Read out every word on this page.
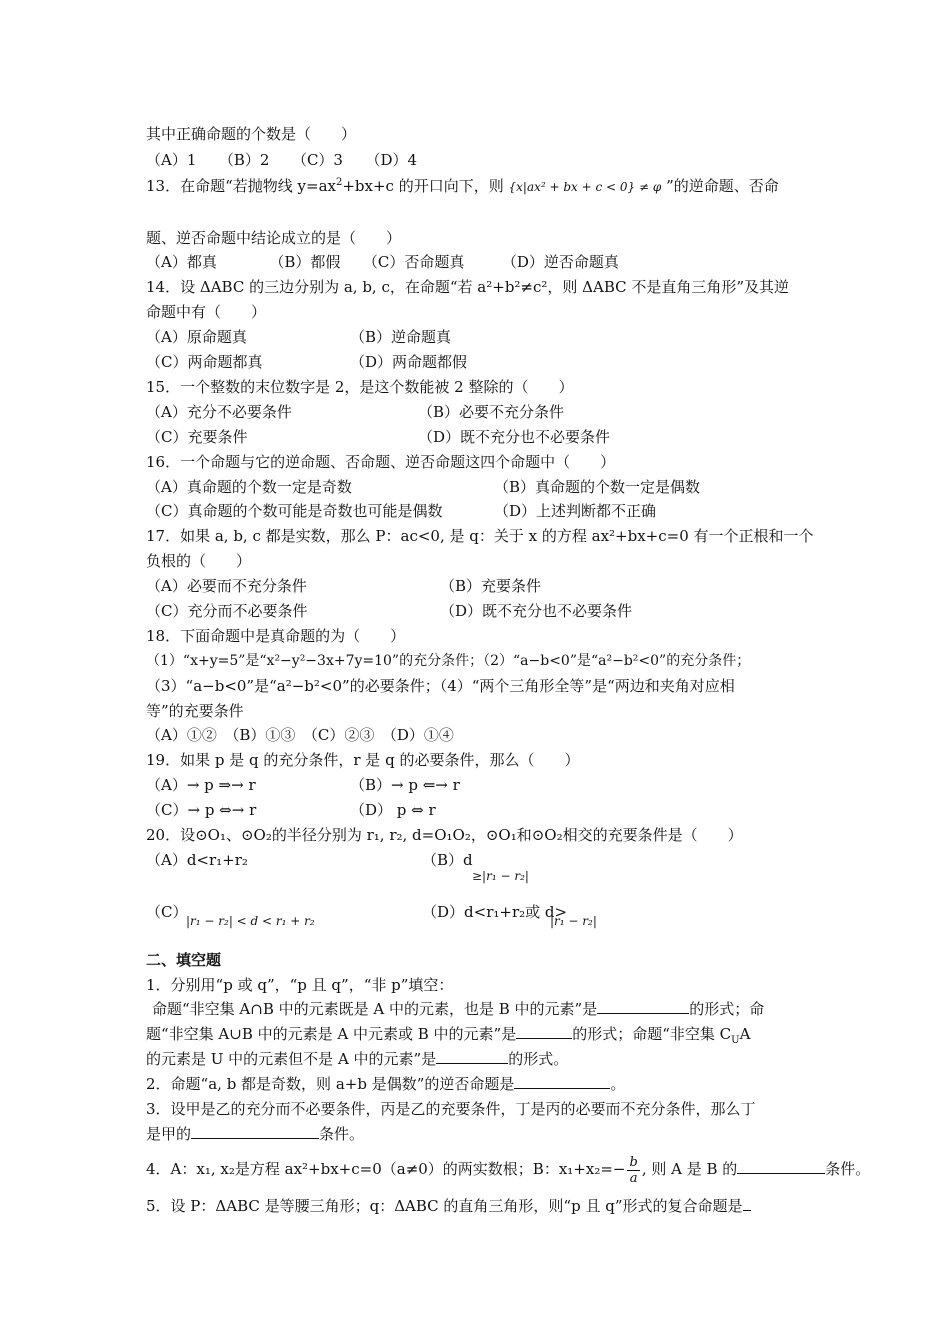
其中正确命题的个数是（　　）
（A）1　　（B）2　　（C）3　　（D）4
13．在命题“若抛物线 $y=ax^2+bx+c$ 的开口向下，则 {x|ax² + bx + c < 0} ≠ φ ”的逆命题、否命
题、逆否命题中结论成立的是（　　）
（A）都真　　　　（B）都假　　（C）否命题真　　　（D）逆否命题真
14．设 ΔABC 的三边分别为 a, b, c，在命题“若 a²+b²≠c²，则 ΔABC 不是直角三角形”及其逆
命题中有（　　）
（A）原命题真	（B）逆命题真
（C）两命题都真	（D）两命题都假
15．一个整数的末位数字是 2，是这个数能被 2 整除的（　　）
（A）充分不必要条件	（B）必要不充分条件
（C）充要条件	（D）既不充分也不必要条件
16．一个命题与它的逆命题、否命题、逆否命题这四个命题中（　　）
（A）真命题的个数一定是奇数	（B）真命题的个数一定是偶数
（C）真命题的个数可能是奇数也可能是偶数	（D）上述判断都不正确
17．如果 a, b, c 都是实数，那么 P：ac<0, 是 q：关于 x 的方程 ax²+bx+c=0 有一个正根和一个
负根的（　　）
（A）必要而不充分条件	（B）充要条件
（C）充分而不必要条件	（D）既不充分也不必要条件
18．下面命题中是真命题的为（　　）
（1）“x+y=5”是“x²−y²−3x+7y=10”的充分条件；（2）“a−b<0”是“a²−b²<0”的充分条件；
（3）“a−b<0”是“a²−b²<0”的必要条件；（4）“两个三角形全等”是“两边和夹角对应相
等”的充要条件
（A）①②　（B）①③　（C）②③　（D）①④
19．如果 p 是 q 的充分条件，r 是 q 的必要条件，那么（　　）
（A）→ p ⇒→ r	（B）→ p ⇐→ r
（C）→ p ⇔→ r	（D） p ⇔ r
20．设⊙O₁、⊙O₂的半径分别为 r₁, r₂, d=O₁O₂，⊙O₁和⊙O₂相交的充要条件是（　　）
（A）d<r₁+r₂	（B）d
≥|r₁ − r₂|
（C）
|r₁ − r₂| < d < r₁ + r₂	（D）d<r₁+r₂或 d>
|r₁ − r₂|
二、填空题
1．分别用“p 或 q”，“p 且 q”，“非 p”填空：
命题“非空集 A∩B 中的元素既是 A 中的元素，也是 B 中的元素”是	的形式；命
题“非空集 A∪B 中的元素是 A 中元素或 B 中的元素”是	的形式；命题“非空集 $C_UA$
的元素是 U 中的元素但不是 A 中的元素”是	的形式。
2．命题“a, b 都是奇数，则 a+b 是偶数”的逆否命题是	。
3．设甲是乙的充分而不必要条件，丙是乙的充要条件，丁是丙的必要而不充分条件，那么丁
是甲的	条件。
4．A：x₁, x₂是方程 ax²+bx+c=0（a≠0）的两实数根；B：$x_1+x_2=- \frac{b}{a}$ , 则 A 是 B 的	条件。
5．设 P：ΔABC 是等腰三角形；q：ΔABC 的直角三角形，则“p 且 q”形式的复合命题是
